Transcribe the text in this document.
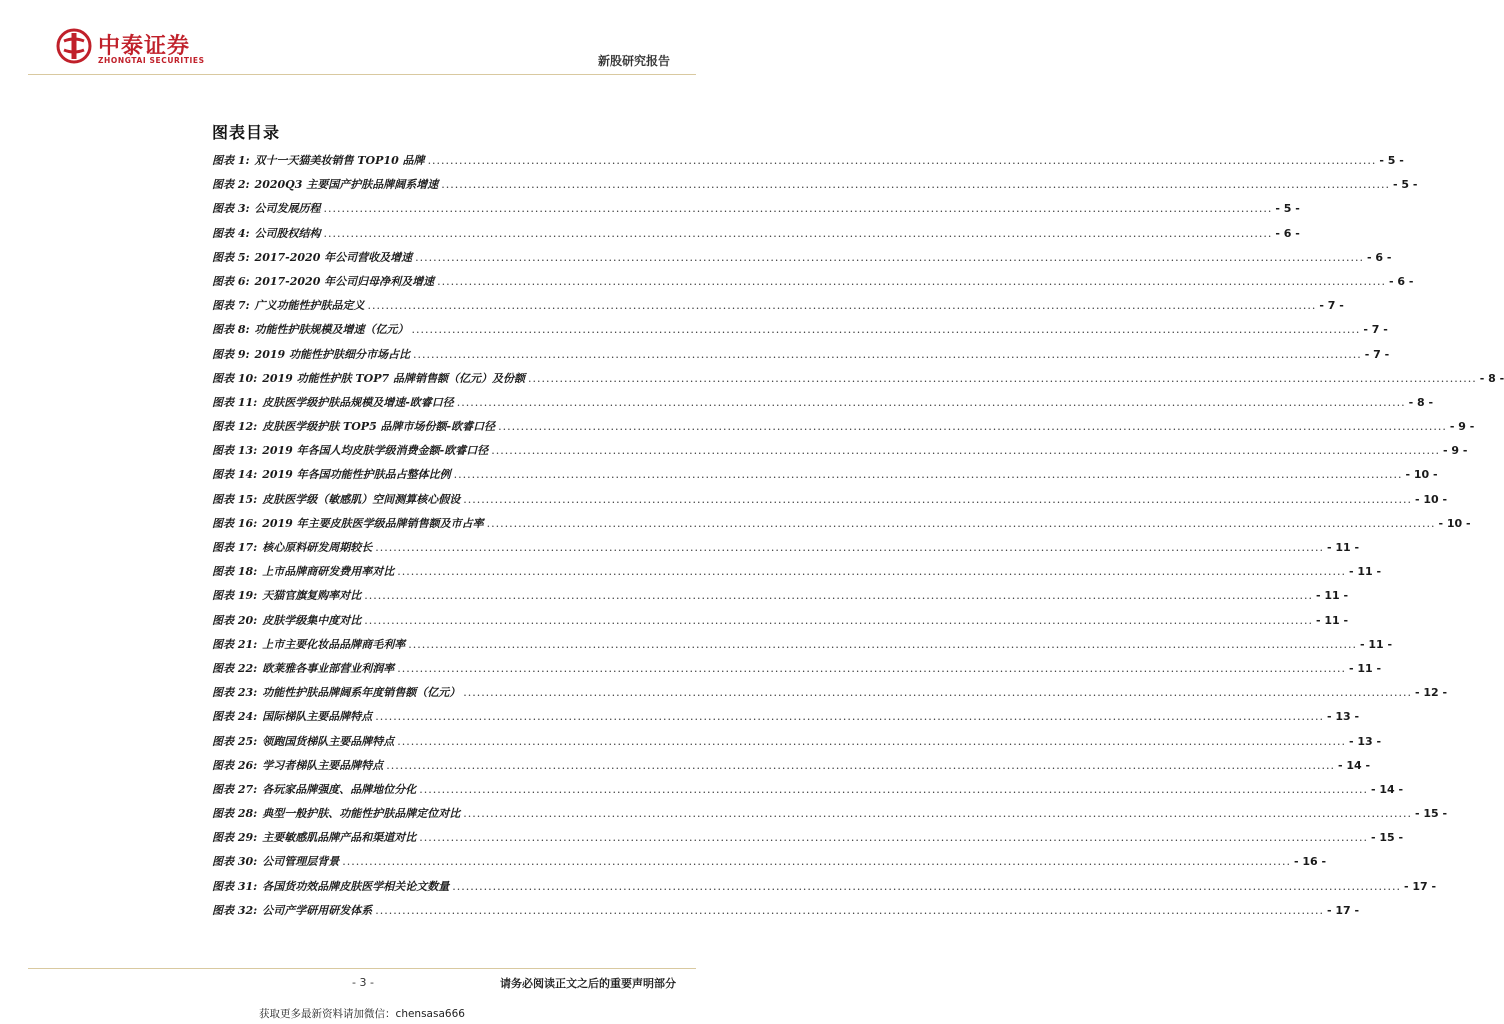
中泰证券
ZHONGTAI SECURITIES	新股研究报告
图表目录
图表 1: 双十一天猫美妆销售 TOP10 品牌 .....	- 5 -
图表 2: 2020Q3 主要国产护肤品牌阔系增速 .....	- 5 -
图表 3: 公司发展历程 .....	- 5 -
图表 4: 公司股权结构 .....	- 6 -
图表 5: 2017-2020 年公司营收及增速 .....	- 6 -
图表 6: 2017-2020 年公司归母净利及增速 .....	- 6 -
图表 7: 广义功能性护肤品定义 .....	- 7 -
图表 8: 功能性护肤规模及增速（亿元） .....	- 7 -
图表 9: 2019 功能性护肤细分市场占比 .....	- 7 -
图表 10: 2019 功能性护肤 TOP7 品牌销售额（亿元）及份额 .....	- 8 -
图表 11: 皮肤医学级护肤品规模及增速-欧睿口径 .....	- 8 -
图表 12: 皮肤医学级护肤 TOP5 品牌市场份额-欧睿口径 .....	- 9 -
图表 13: 2019 年各国人均皮肤学级消费金额-欧睿口径 .....	- 9 -
图表 14: 2019 年各国功能性护肤品占整体比例 .....	- 10 -
图表 15: 皮肤医学级（敏感肌）空间测算核心假设 .....	- 10 -
图表 16: 2019 年主要皮肤医学级品牌销售额及市占率 .....	- 10 -
图表 17: 核心原料研发周期较长 .....	- 11 -
图表 18: 上市品牌商研发费用率对比 .....	- 11 -
图表 19: 天猫官旗复购率对比 .....	- 11 -
图表 20: 皮肤学级集中度对比 .....	- 11 -
图表 21: 上市主要化妆品品牌商毛利率 .....	- 11 -
图表 22: 欧莱雅各事业部营业利润率 .....	- 11 -
图表 23: 功能性护肤品牌阔系年度销售额（亿元） .....	- 12 -
图表 24: 国际梯队主要品牌特点 .....	- 13 -
图表 25: 领跑国货梯队主要品牌特点 .....	- 13 -
图表 26: 学习者梯队主要品牌特点 .....	- 14 -
图表 27: 各玩家品牌强度、品牌地位分化 .....	- 14 -
图表 28: 典型一般护肤、功能性护肤品牌定位对比 .....	- 15 -
图表 29: 主要敏感肌品牌产品和渠道对比 .....	- 15 -
图表 30: 公司管理层背景 .....	- 16 -
图表 31: 各国货功效品牌皮肤医学相关论文数量 .....	- 17 -
图表 32: 公司产学研用研发体系 .....	- 17 -
- 3 -	请务必阅读正文之后的重要声明部分
获取更多最新资料请加微信：chensasa666
